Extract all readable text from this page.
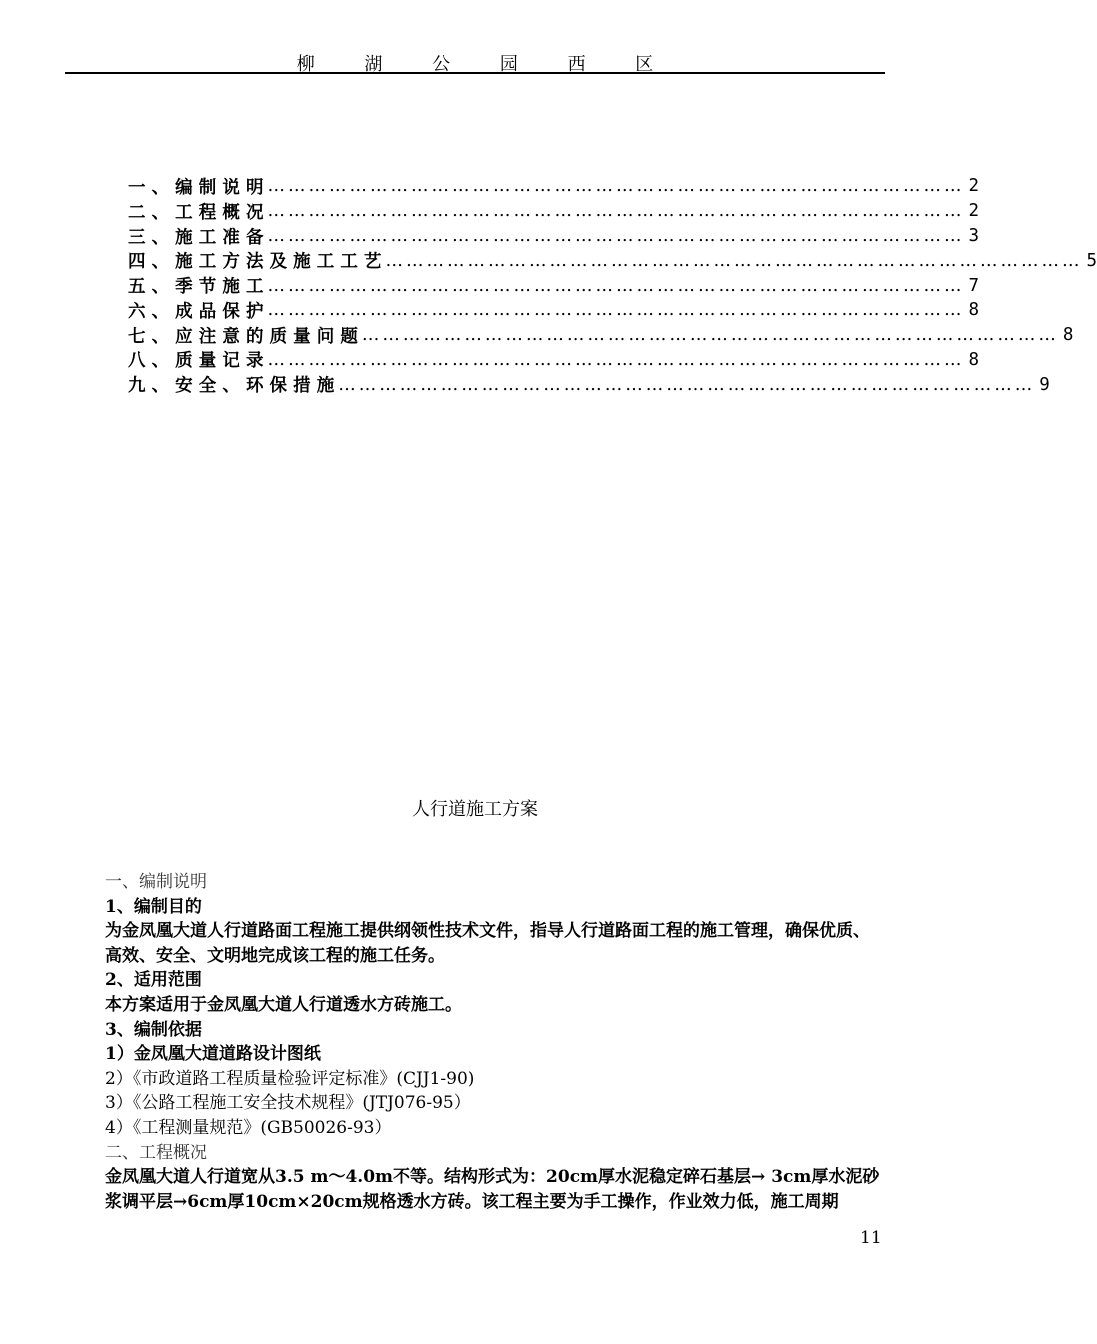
柳 湖 公 园 西 区
一 、 编 制 说 明 ………………………………………………………………………………………… 2
二 、 工 程 概 况 ………………………………………………………………………………………… 2
三 、 施 工 准 备 ………………………………………………………………………………………… 3
四 、 施 工 方 法 及 施 工 工 艺 ………………………………………………………………………………………… 5
五 、 季 节 施 工 ………………………………………………………………………………………… 7
六 、 成 品 保 护 ………………………………………………………………………………………… 8
七 、 应 注 意 的 质 量 问 题 ………………………………………………………………………………………… 8
八 、 质 量 记 录 ………………………………………………………………………………………… 8
九 、 安 全 、 环 保 措 施 ………………………………………………………………………………………… 9
人行道施工方案

一、编制说明

1、编制目的

为金凤凰大道人行道路面工程施工提供纲领性技术文件，指导人行道路面工程的施工管理，确保优质、高效、安全、文明地完成该工程的施工任务。

2、适用范围

本方案适用于金凤凰大道人行道透水方砖施工。

3、编制依据

1）金凤凰大道道路设计图纸

2）《市政道路工程质量检验评定标准》(CJJ1-90)

3）《公路工程施工安全技术规程》(JTJ076-95）

4）《工程测量规范》(GB50026-93）

二、工程概况

金凤凰大道人行道宽从3.5 m～4.0m不等。结构形式为：20cm厚水泥稳定碎石基层→ 3cm厚水泥砂浆调平层→6cm厚10cm×20cm规格透水方砖。该工程主要为手工操作，作业效力低，施工周期

11
